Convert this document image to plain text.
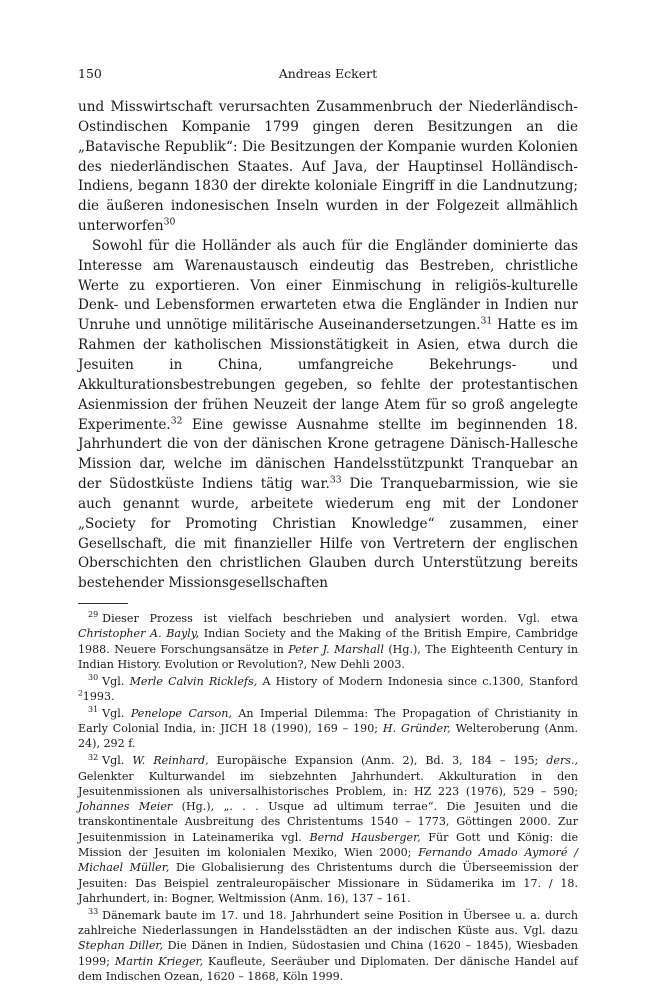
150	Andreas Eckert

und Misswirtschaft verursachten Zusammenbruch der Niederländisch-Ostindischen Kompanie 1799 gingen deren Besitzungen an die „Batavische Republik“: Die Besitzungen der Kompanie wurden Kolonien des niederländischen Staates. Auf Java, der Hauptinsel Holländisch-Indiens, begann 1830 der direkte koloniale Eingriff in die Landnutzung; die äußeren indonesischen Inseln wurden in der Folgezeit allmählich unterworfen$^{30}$

Sowohl für die Holländer als auch für die Engländer dominierte das Interesse am Warenaustausch eindeutig das Bestreben, christliche Werte zu exportieren. Von einer Einmischung in religiös-kulturelle Denk- und Lebensformen erwarteten etwa die Engländer in Indien nur Unruhe und unnötige militärische Auseinandersetzungen.$^{31}$ Hatte es im Rahmen der katholischen Missionstätigkeit in Asien, etwa durch die Jesuiten in China, umfangreiche Bekehrungs- und Akkulturationsbestrebungen gegeben, so fehlte der protestantischen Asienmission der frühen Neuzeit der lange Atem für so groß angelegte Experimente.$^{32}$ Eine gewisse Ausnahme stellte im beginnenden 18. Jahrhundert die von der dänischen Krone getragene Dänisch-Hallesche Mission dar, welche im dänischen Handelsstützpunkt Tranquebar an der Südostküste Indiens tätig war.$^{33}$ Die Tranquebarmission, wie sie auch genannt wurde, arbeitete wiederum eng mit der Londoner „Society for Promoting Christian Knowledge“ zusammen, einer Gesellschaft, die mit finanzieller Hilfe von Vertretern der englischen Oberschichten den christlichen Glauben durch Unterstützung bereits bestehender Missionsgesellschaften

$^{29}$ Dieser Prozess ist vielfach beschrieben und analysiert worden. Vgl. etwa Christopher A. Bayly, Indian Society and the Making of the British Empire, Cambridge 1988. Neuere Forschungsansätze in Peter J. Marshall (Hg.), The Eighteenth Century in Indian History. Evolution or Revolution?, New Dehli 2003.

$^{30}$ Vgl. Merle Calvin Ricklefs, A History of Modern Indonesia since c.1300, Stanford $^2$1993.

$^{31}$ Vgl. Penelope Carson, An Imperial Dilemma: The Propagation of Christianity in Early Colonial India, in: JICH 18 (1990), 169 – 190; H. Gründer, Welteroberung (Anm. 24), 292 f.

$^{32}$ Vgl. W. Reinhard, Europäische Expansion (Anm. 2), Bd. 3, 184 – 195; ders., Gelenkter Kulturwandel im siebzehnten Jahrhundert. Akkulturation in den Jesuitenmissionen als universalhistorisches Problem, in: HZ 223 (1976), 529 – 590; Johannes Meier (Hg.), „. . . Usque ad ultimum terrae“. Die Jesuiten und die transkontinentale Ausbreitung des Christentums 1540 – 1773, Göttingen 2000. Zur Jesuitenmission in Lateinamerika vgl. Bernd Hausberger, Für Gott und König: die Mission der Jesuiten im kolonialen Mexiko, Wien 2000; Fernando Amado Aymoré / Michael Müller, Die Globalisierung des Christentums durch die Überseemission der Jesuiten: Das Beispiel zentraleuropäischer Missionare in Südamerika im 17. / 18. Jahrhundert, in: Bogner, Weltmission (Anm. 16), 137 – 161.

$^{33}$ Dänemark baute im 17. und 18. Jahrhundert seine Position in Übersee u. a. durch zahlreiche Niederlassungen in Handelsstädten an der indischen Küste aus. Vgl. dazu Stephan Diller, Die Dänen in Indien, Südostasien und China (1620 – 1845), Wiesbaden 1999; Martin Krieger, Kaufleute, Seeräuber und Diplomaten. Der dänische Handel auf dem Indischen Ozean, 1620 – 1868, Köln 1999.
